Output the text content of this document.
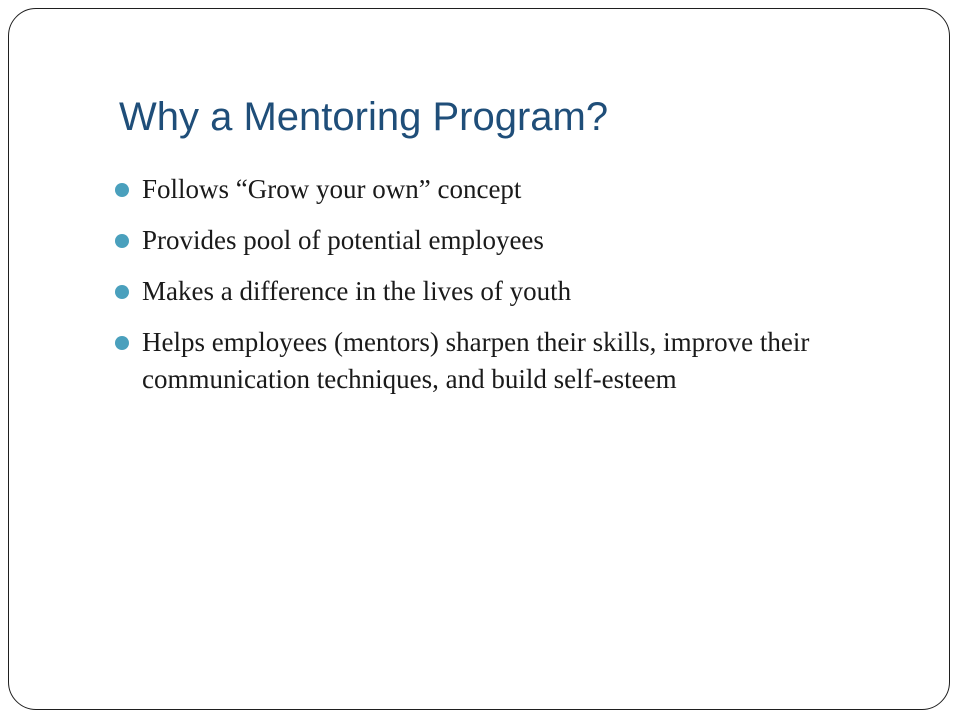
Why a Mentoring Program?
Follows “Grow your own” concept
Provides pool of potential employees
Makes a difference in the lives of youth
Helps employees (mentors) sharpen their skills, improve their communication techniques, and build self-esteem
